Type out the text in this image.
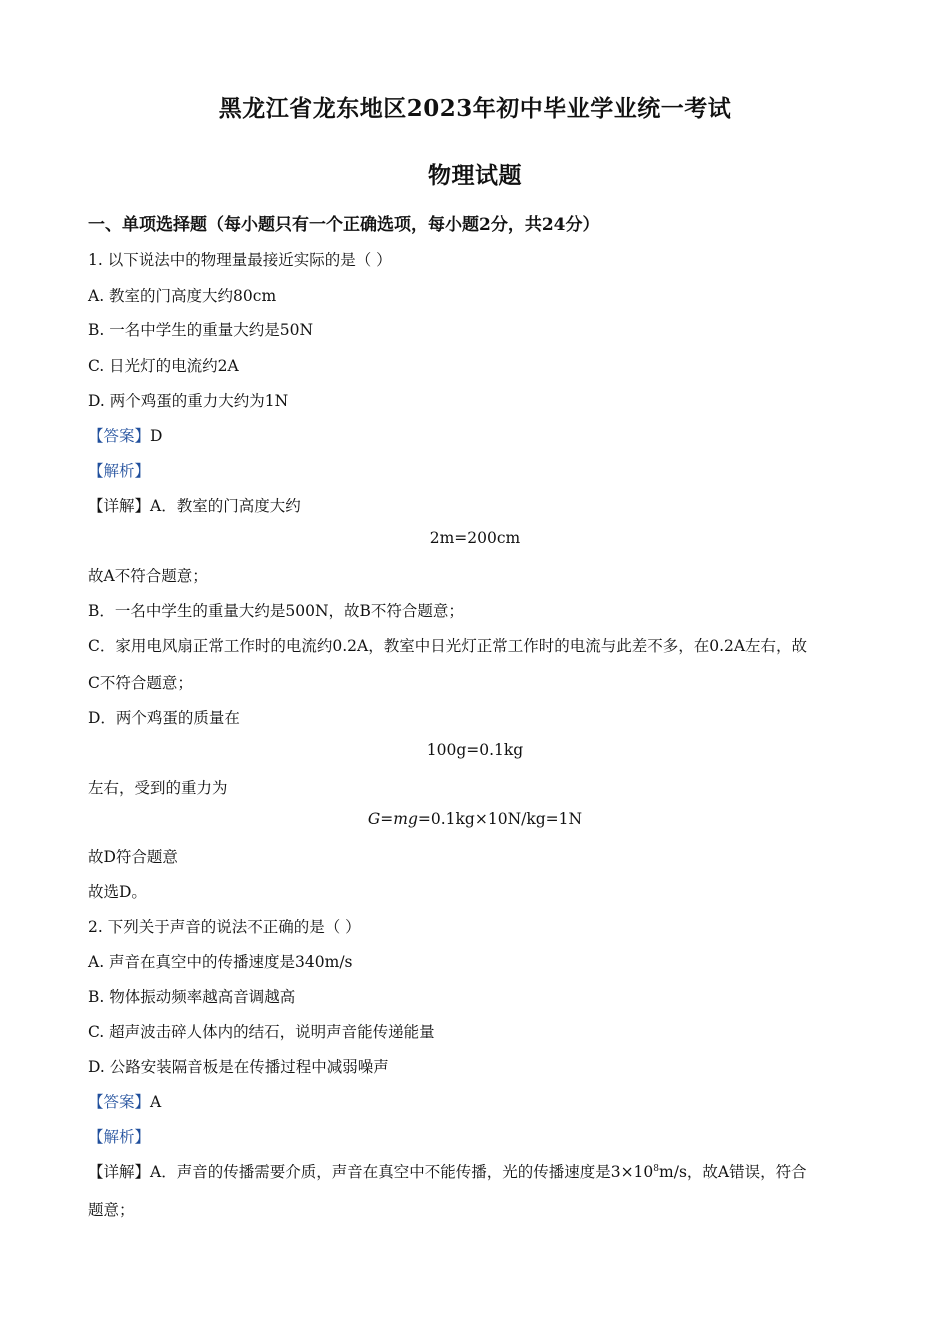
黑龙江省龙东地区2023年初中毕业学业统一考试
物理试题
一、单项选择题（每小题只有一个正确选项，每小题2分，共24分）
1. 以下说法中的物理量最接近实际的是（ ）
A. 教室的门高度大约80cm
B. 一名中学生的重量大约是50N
C. 日光灯的电流约2A
D. 两个鸡蛋的重力大约为1N
【答案】D
【解析】
【详解】A．教室的门高度大约
2m=200cm
故A不符合题意；
B．一名中学生的重量大约是500N，故B不符合题意；
C．家用电风扇正常工作时的电流约0.2A，教室中日光灯正常工作时的电流与此差不多，在0.2A左右，故
C不符合题意；
D．两个鸡蛋的质量在
100g=0.1kg
左右，受到的重力为
G=mg=0.1kg×10N/kg=1N
故D符合题意
故选D。
2. 下列关于声音的说法不正确的是（ ）
A. 声音在真空中的传播速度是340m/s
B. 物体振动频率越高音调越高
C. 超声波击碎人体内的结石，说明声音能传递能量
D. 公路安装隔音板是在传播过程中减弱噪声
【答案】A
【解析】
【详解】A．声音的传播需要介质，声音在真空中不能传播，光的传播速度是$3\times 10^8m/s$，故A错误，符合
题意；
